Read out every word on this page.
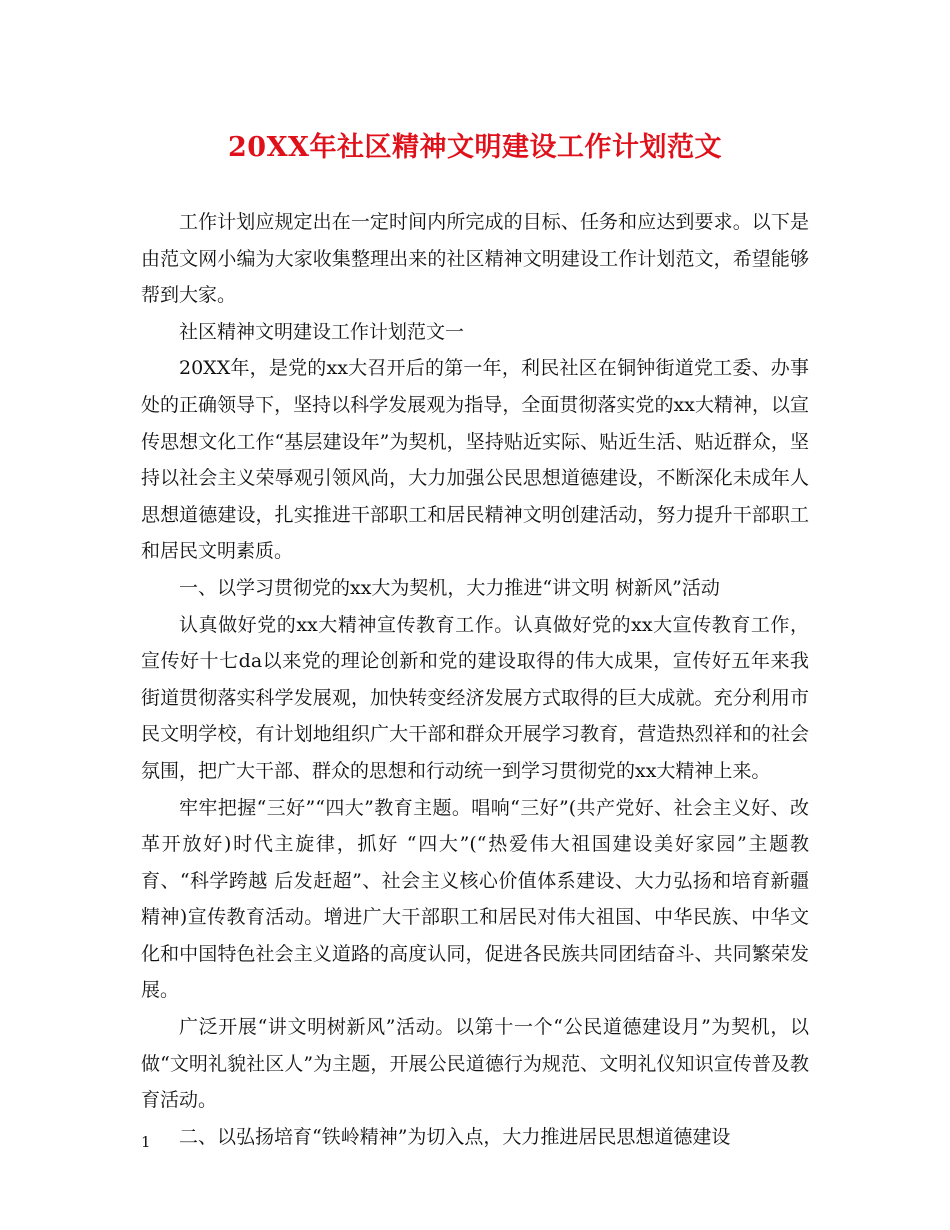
20XX年社区精神文明建设工作计划范文

工作计划应规定出在一定时间内所完成的目标、任务和应达到要求。以下是由范文网小编为大家收集整理出来的社区精神文明建设工作计划范文，希望能够帮到大家。

社区精神文明建设工作计划范文一

20XX年，是党的xx大召开后的第一年，利民社区在铜钟街道党工委、办事处的正确领导下，坚持以科学发展观为指导，全面贯彻落实党的xx大精神，以宣传思想文化工作“基层建设年”为契机，坚持贴近实际、贴近生活、贴近群众，坚持以社会主义荣辱观引领风尚，大力加强公民思想道德建设，不断深化未成年人思想道德建设，扎实推进干部职工和居民精神文明创建活动，努力提升干部职工和居民文明素质。

一、以学习贯彻党的xx大为契机，大力推进“讲文明 树新风”活动

认真做好党的xx大精神宣传教育工作。认真做好党的xx大宣传教育工作，宣传好十七da以来党的理论创新和党的建设取得的伟大成果，宣传好五年来我街道贯彻落实科学发展观，加快转变经济发展方式取得的巨大成就。充分利用市民文明学校，有计划地组织广大干部和群众开展学习教育，营造热烈祥和的社会氛围，把广大干部、群众的思想和行动统一到学习贯彻党的xx大精神上来。

牢牢把握“三好”“四大”教育主题。唱响“三好”(共产党好、社会主义好、改革开放好)时代主旋律，抓好 “四大”(“热爱伟大祖国建设美好家园”主题教育、“科学跨越 后发赶超”、社会主义核心价值体系建设、大力弘扬和培育新疆精神)宣传教育活动。增进广大干部职工和居民对伟大祖国、中华民族、中华文化和中国特色社会主义道路的高度认同，促进各民族共同团结奋斗、共同繁荣发展。

广泛开展“讲文明树新风”活动。以第十一个“公民道德建设月”为契机，以做“文明礼貌社区人”为主题，开展公民道德行为规范、文明礼仪知识宣传普及教育活动。

二、以弘扬培育“铁岭精神”为切入点，大力推进居民思想道德建设

1
